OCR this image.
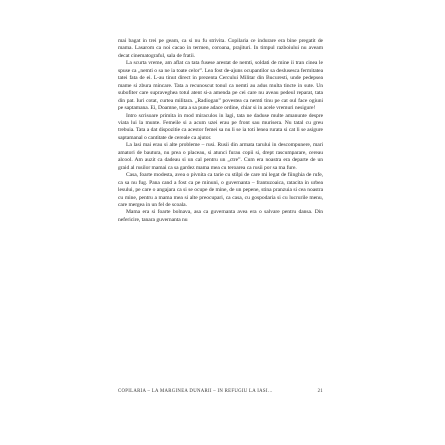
mai bagat in trei pe geam, ca si nu fu strivita. Copilaria ce indurare era bine pregatit de mama. Lasarom ca noi cacao in termen, coroana, prajituri. In timpul razboiului nu aveam decat cinematograful, sala de fratii.

La scurta vreme, am aflat ca tata fusese arestat de nemti, soldati de mine ii tran cinea le spuse ca „nemti o sa ne ia toate celor”. Lea fost de-ajuns ocupantilor sa deslusesca fermitatea tatei fata de ei. L-au tinut direct in prezenta Cercului Militar din Bucuresti, unde pedepsea mame si zbura mincare. Tata a recunoscut tonul ca nemti au adus multa tincte in sute. Un subofiter care supraveghea totul atent si-a amenda pe cei care nu aveau pedeul reparat, tata din pat. Iuri cotat, curtea militara. „Radiogan” povestea ca nemti tinu pe cat oul face ogiuni pe saptamana. Ei, Doamne, tata a sa pune adace ordine, chiar si in acele vremuri nesigure!

Intro scrisoare primita in mod miraculos in lagi, tata ne daduse multe amanunte despre viata lui la munte. Femeile si a acum uzei erau pe front sau murisera. Nu tatal cu greu trebuia. Tata a dat dispozitie ca acestor femei sa nu li se ia toti lenea rurata si cat li se asigure saptamanal o cantitate de cereale ca ajutor.

La lasi mai erau si alte probleme – rusi. Rusii din armata tarului in descompunere, mari amatori de bautura, nu prea o placeau, si atunci furau copii si, drept rascumparare, cereau alcool. Am auzit ca dadeau si un cal pentru un „ctre”. Cum era noastra era departe de un graid al rusilor mamai ca sa gardez mama mea cu teroarea ca rusii por sa ma fure.

Casa, foarte modesta, avea o pivnita ca tarie cu stilpi de care mi legat de fiinghia de rufe, ca sa nu fug. Pana cand a fost ca pe minuni, o guvernanta – frantuzoaica, ratacita in urbea lesului, pe care o angajara ca si se ocupe de mine, de un pepene, stina pranzuia si cea noastra cu mine, pentru a mama mea si alte preocupari, ca casa, cu gospodaria si cu lucrurile menu, care mergea in un fel de scoala.

Mama era si foarte bolnava, asa ca guvernanta avea era o salvare pentru dansa. Din nefericire, tanara guvernanta nu

COPILARIA – LA MARGINEA DUNARII – IN REFUGIU LA IASI…	21
